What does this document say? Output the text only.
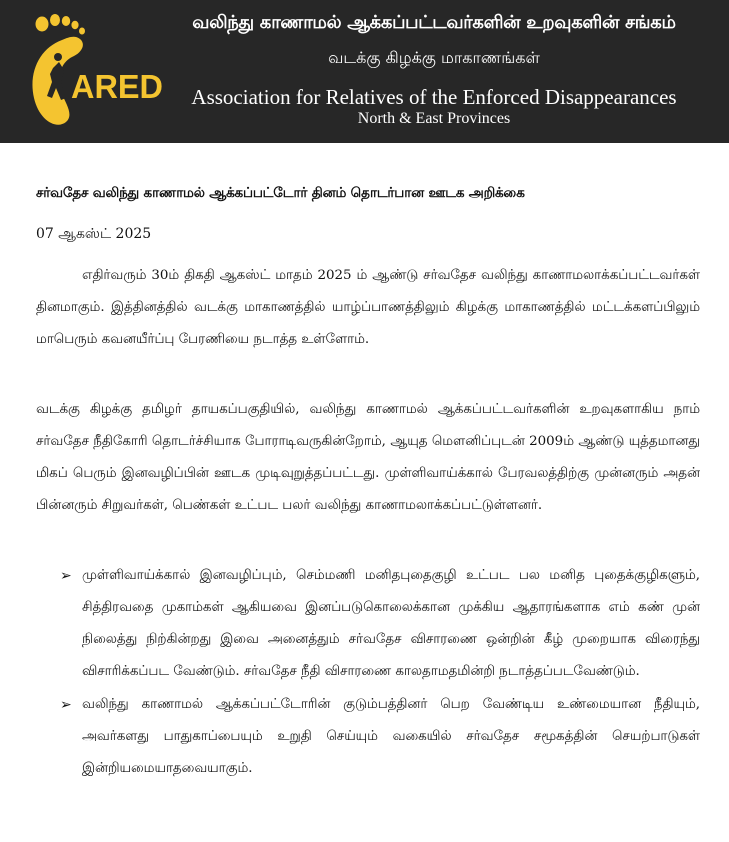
ARED
வலிந்து காணாமல் ஆக்கப்பட்டவர்களின் உறவுகளின் சங்கம்
வடக்கு கிழக்கு மாகாணங்கள்
Association for Relatives of the Enforced Disappearances
North & East Provinces
சர்வதேச வலிந்து காணாமல் ஆக்கப்பட்டோர் தினம் தொடர்பான ஊடக அறிக்கை
07 ஆகஸ்ட் 2025

எதிர்வரும் 30ம் திகதி ஆகஸ்ட் மாதம் 2025 ம் ஆண்டு சர்வதேச வலிந்து காணாமலாக்கப்பட்டவர்கள் தினமாகும். இத்தினத்தில் வடக்கு மாகாணத்தில் யாழ்ப்பாணத்திலும் கிழக்கு மாகாணத்தில் மட்டக்களப்பிலும் மாபெரும் கவனயீர்ப்பு பேரணியை நடாத்த உள்ளோம்.

வடக்கு கிழக்கு தமிழர் தாயகப்பகுதியில், வலிந்து காணாமல் ஆக்கப்பட்டவர்களின் உறவுகளாகிய நாம் சர்வதேச நீதிகோரி தொடர்ச்சியாக போராடிவருகின்றோம், ஆயுத மௌனிப்புடன் 2009ம் ஆண்டு யுத்தமானது மிகப் பெரும் இனவழிப்பின் ஊடக முடிவுறுத்தப்பட்டது. முள்ளிவாய்க்கால் பேரவலத்திற்கு முன்னரும் அதன் பின்னரும் சிறுவர்கள், பெண்கள் உட்பட பலர் வலிந்து காணாமலாக்கப்பட்டுள்ளனர்.

➢ முள்ளிவாய்க்கால் இனவழிப்பும், செம்மணி மனிதபுதைகுழி உட்பட பல மனித புதைக்குழிகளும், சித்திரவதை முகாம்கள் ஆகியவை இனப்படுகொலைக்கான முக்கிய ஆதாரங்களாக எம் கண் முன் நிலைத்து நிற்கின்றது இவை அனைத்தும் சர்வதேச விசாரணை ஒன்றின் கீழ் முறையாக விரைந்து விசாரிக்கப்பட வேண்டும். சர்வதேச நீதி விசாரணை காலதாமதமின்றி நடாத்தப்படவேண்டும்.
➢ வலிந்து காணாமல் ஆக்கப்பட்டோரின் குடும்பத்தினர் பெற வேண்டிய உண்மையான நீதியும், அவர்களது பாதுகாப்பையும் உறுதி செய்யும் வகையில் சர்வதேச சமூகத்தின் செயற்பாடுகள் இன்றியமையாதவையாகும்.
